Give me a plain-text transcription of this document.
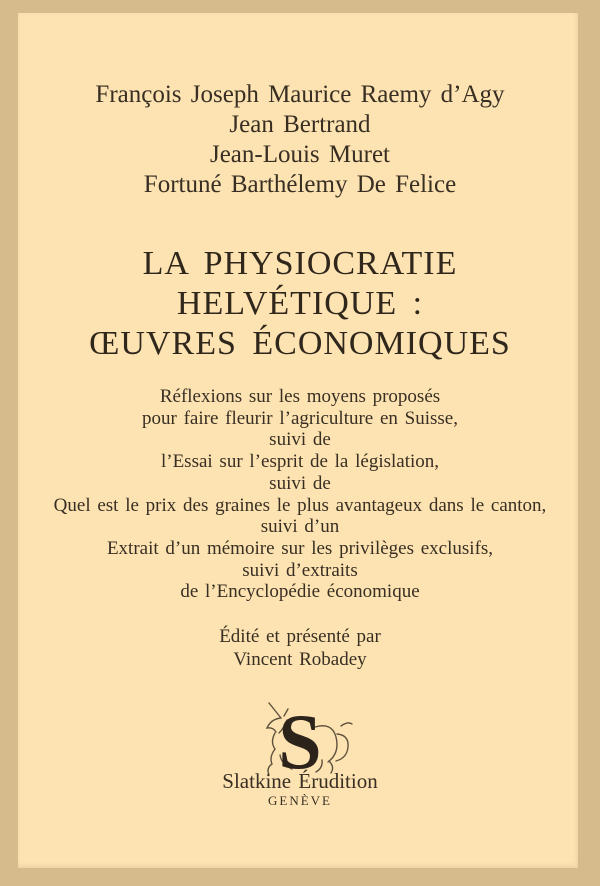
François Joseph Maurice Raemy d’Agy
Jean Bertrand
Jean-Louis Muret
Fortuné Barthélemy De Felice
LA PHYSIOCRATIE
HELVÉTIQUE :
ŒUVRES ÉCONOMIQUES
Réflexions sur les moyens proposés
pour faire fleurir l’agriculture en Suisse,
suivi de
l’Essai sur l’esprit de la législation,
suivi de
Quel est le prix des graines le plus avantageux dans le canton,
suivi d’un
Extrait d’un mémoire sur les privilèges exclusifs,
suivi d’extraits
de l’Encyclopédie économique
Édité et présenté par
Vincent Robadey
S
Slatkine Érudition
GENÈVE
